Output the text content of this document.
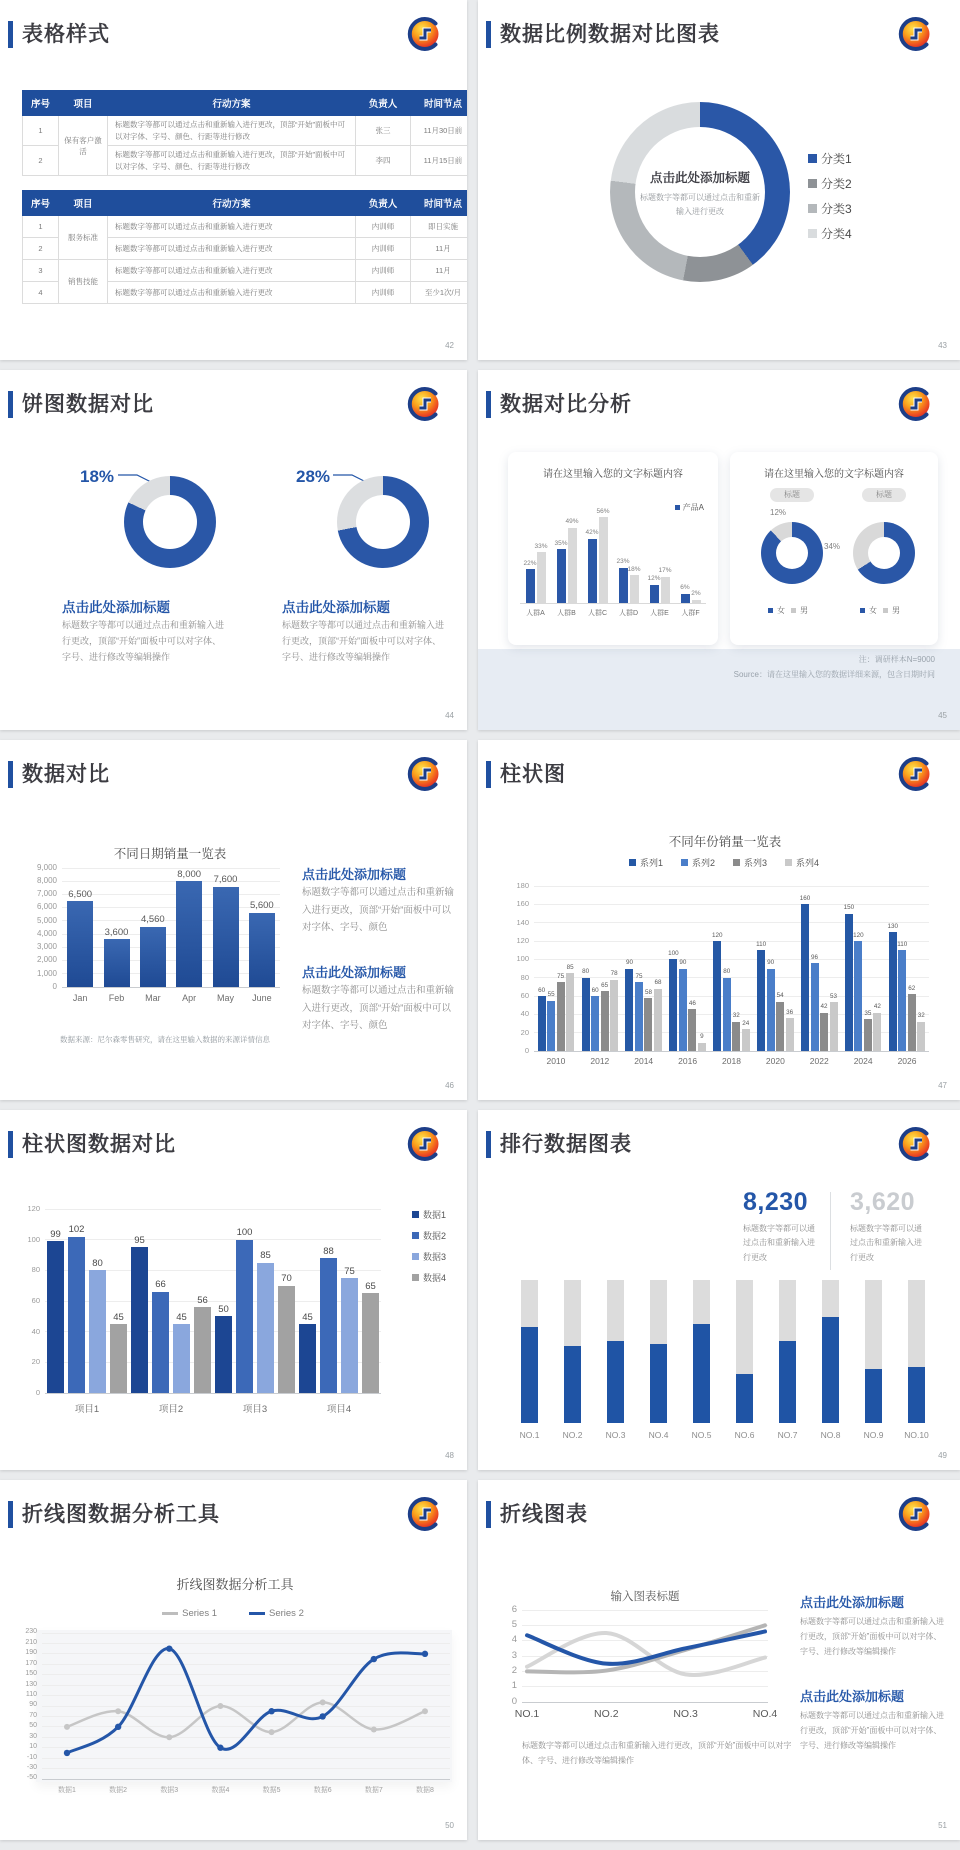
表格样式
序号	项目	行动方案	负责人	时间节点
1	保有客户激活	标题数字等都可以通过点击和重新输入进行更改，顶部“开始”面板中可以对字体、字号、颜色、行距等进行修改	张三	11月30日前
2		标题数字等都可以通过点击和重新输入进行更改，顶部“开始”面板中可以对字体、字号、颜色、行距等进行修改	李四	11月15日前
序号	项目	行动方案	负责人	时间节点
1	服务标准	标题数字等都可以通过点击和重新输入进行更改	内训师	即日实施
2		标题数字等都可以通过点击和重新输入进行更改	内训师	11月
3	销售技能	标题数字等都可以通过点击和重新输入进行更改	内训师	11月
4		标题数字等都可以通过点击和重新输入进行更改	内训师	至少1次/月
42
数据比例数据对比图表
点击此处添加标题
标题数字等都可以通过点击和重新输入进行更改
分类1
分类2
分类3
分类4
43
饼图数据对比
18%	28%
点击此处添加标题
标题数字等都可以通过点击和重新输入进行更改，顶部“开始”面板中可以对字体、字号、进行修改等编辑操作
点击此处添加标题
标题数字等都可以通过点击和重新输入进行更改，顶部“开始”面板中可以对字体、字号、进行修改等编辑操作
44
数据对比分析
请在这里输入您的文字标题内容
产品A
人群A
22%
33%
人群B
35%
49%
人群C
42%
56%
人群D
23%
18%
人群E
12%
17%
人群F
6%
2%
请在这里输入您的文字标题内容
标题	标题
12%
34%
女 男	女 男
注：调研样本N=9000
Source：请在这里输入您的数据详细来源，包含日期时间
45
数据对比
不同日期销量一览表
数据来源：尼尔森零售研究，请在这里输入数据的来源详情信息
点击此处添加标题
标题数字等都可以通过点击和重新输入进行更改，顶部“开始”面板中可以对字体、字号、颜色
点击此处添加标题
标题数字等都可以通过点击和重新输入进行更改，顶部“开始”面板中可以对字体、字号、颜色
46
9,000
8,000
7,000
6,000
5,000
4,000
3,000
2,000
1,000
0
Jan
6,500
Feb
3,600
Mar
4,560
Apr
8,000
May
7,600
June
5,600
柱状图
不同年份销量一览表
系列1	系列2	系列3	系列4
47
180
160
140
120
100
80
60
40
20
0
2010
60
55
75
85
2012
80
60
65
78
2014
90
75
58
68
2016
100
90
46
9
2018
120
80
32
24
2020
110
90
54
36
2022
160
96
42
53
2024
150
120
35
42
2026
130
110
62
32
柱状图数据对比
数据1
数据2
数据3
数据4
48
120
100
80
60
40
20
0
项目1
99 102
80
45
项目2
95
66
45
56
项目3
50
100
85
70
项目4
45
88
75
65
排行数据图表
8,230
标题数字等都可以通过点击和重新输入进行更改
3,620
标题数字等都可以通过点击和重新输入进行更改
49
NO.1	NO.2	NO.3	NO.4	NO.5	NO.6	NO.7	NO.8	NO.9	NO.10
折线图数据分析工具
折线图数据分析工具
Series 1	Series 2
50
230
210
190
170
150
130
110
90
70
50
30
10
-10
-30
-50
数据1	数据2	数据3	数据4	数据5	数据6	数据7	数据8
折线图表
输入图表标题
标题数字等都可以通过点击和重新输入进行更改，顶部“开始”面板中可以对字体、字号、进行修改等编辑操作
点击此处添加标题
标题数字等都可以通过点击和重新输入进行更改，顶部“开始”面板中可以对字体、字号、进行修改等编辑操作
点击此处添加标题
标题数字等都可以通过点击和重新输入进行更改，顶部“开始”面板中可以对字体、字号、进行修改等编辑操作
51
6
5
4
3
2
1
0
NO.1	NO.2	NO.3	NO.4
